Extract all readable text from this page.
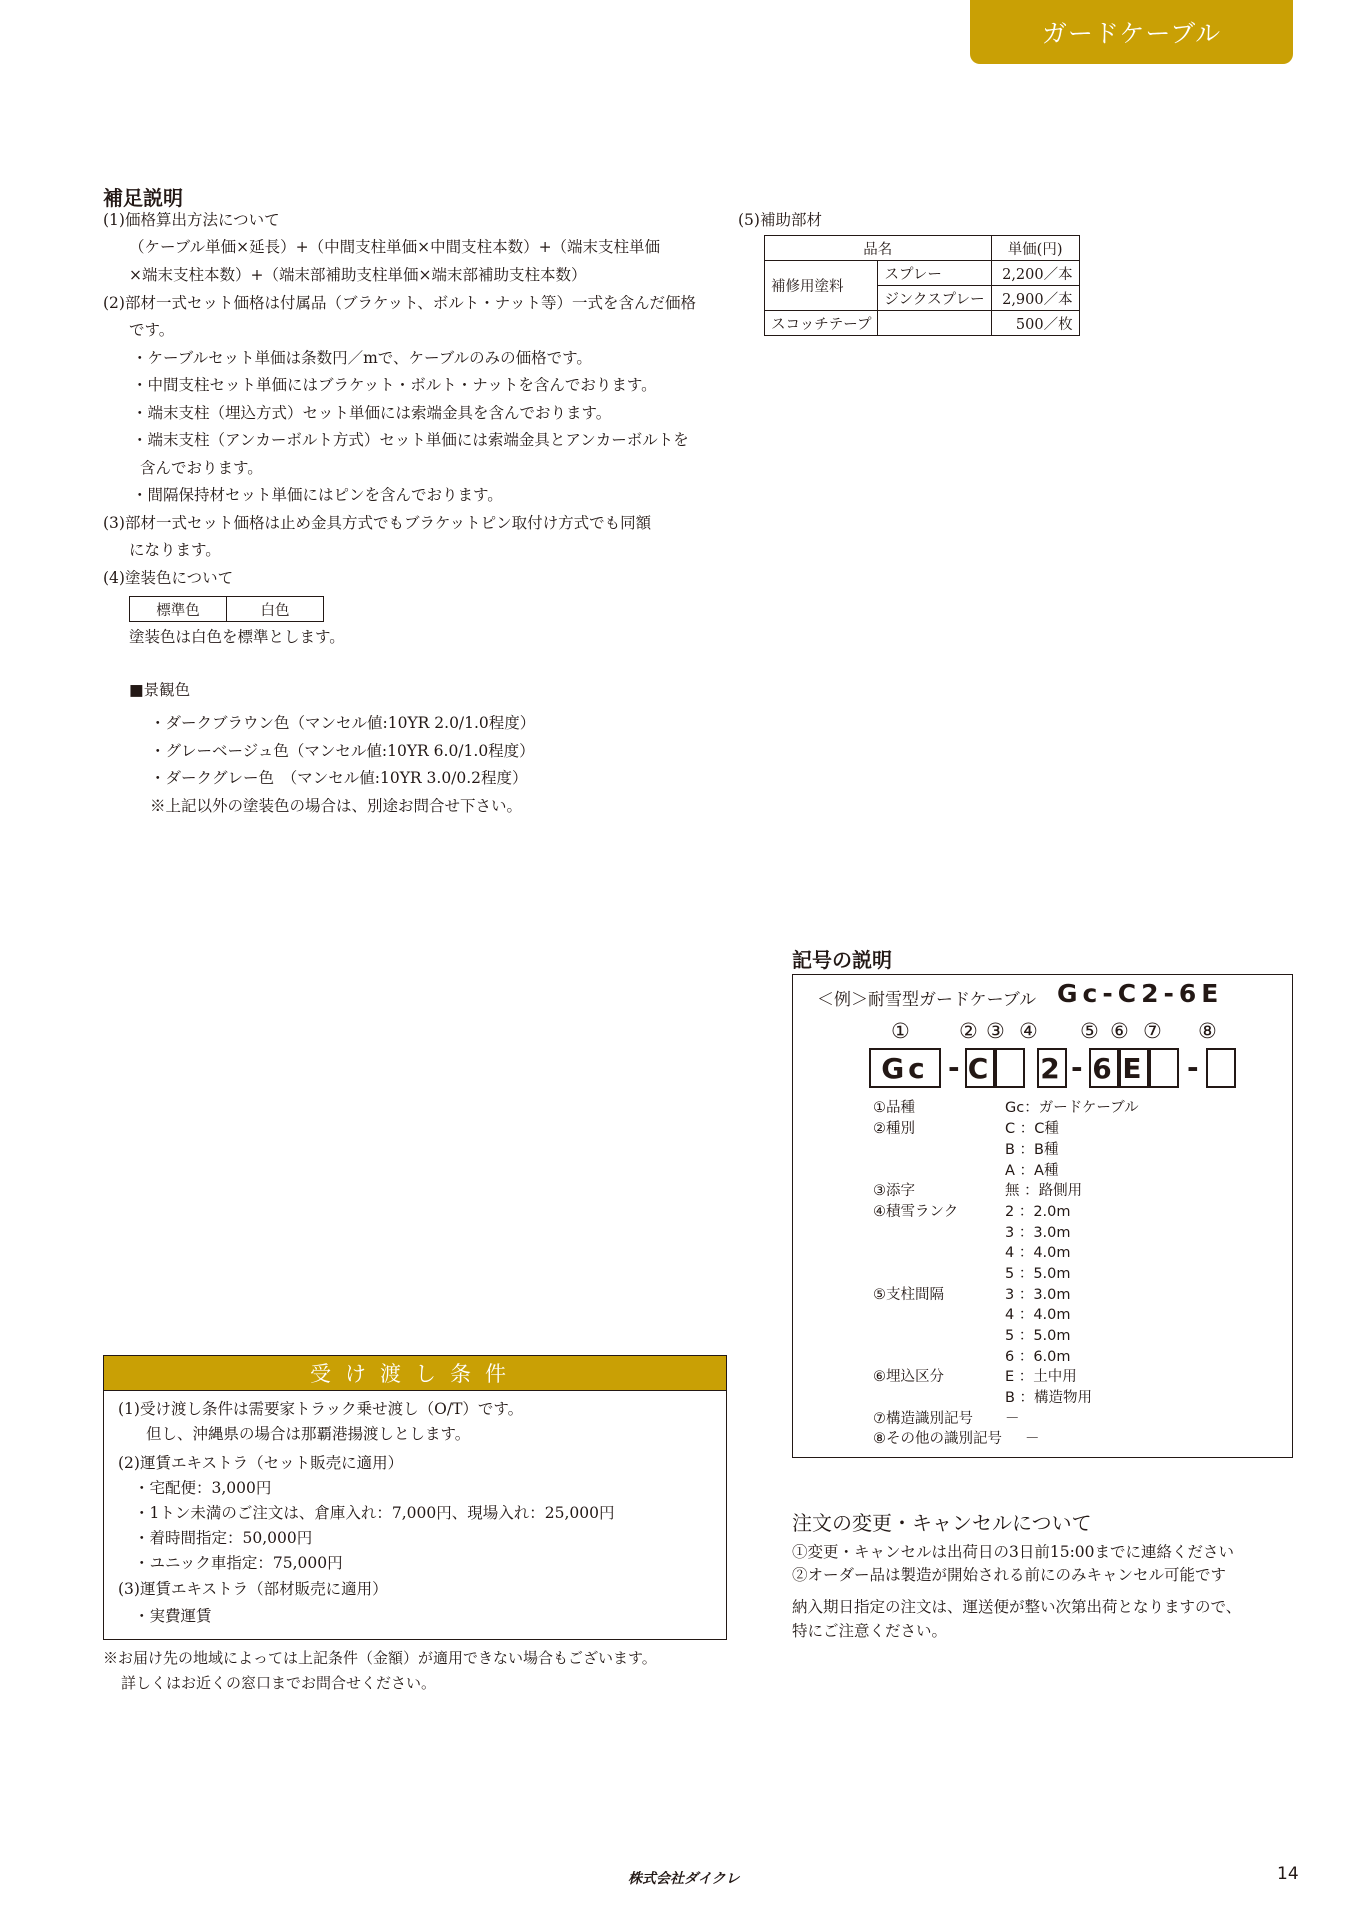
ガードケーブル
補足説明
(1)価格算出方法について
（ケーブル単価×延長）+（中間支柱単価×中間支柱本数）+（端末支柱単価
×端末支柱本数）+（端末部補助支柱単価×端末部補助支柱本数）
(2)部材一式セット価格は付属品（ブラケット、ボルト・ナット等）一式を含んだ価格
です。
・ケーブルセット単価は条数円／mで、ケーブルのみの価格です。
・中間支柱セット単価にはブラケット・ボルト・ナットを含んでおります。
・端末支柱（埋込方式）セット単価には索端金具を含んでおります。
・端末支柱（アンカーボルト方式）セット単価には索端金具とアンカーボルトを
含んでおります。
・間隔保持材セット単価にはピンを含んでおります。
(3)部材一式セット価格は止め金具方式でもブラケットピン取付け方式でも同額
になります。
(4)塗装色について
標準色	白色
塗装色は白色を標準とします。
■景観色
・ダークブラウン色（マンセル値:10YR 2.0/1.0程度）
・グレーベージュ色（マンセル値:10YR 6.0/1.0程度）
・ダークグレー色　（マンセル値:10YR 3.0/0.2程度）
※上記以外の塗装色の場合は、別途お問合せ下さい。
(5)補助部材
品名		単価(円)
補修用塗料	スプレー	2,200／本
	ジンクスプレー	2,900／本
スコッチテープ		500／枚
記号の説明
＜例＞耐雪型ガードケーブル Gc-C2-6E
① ② ③ ④ ⑤ ⑥ ⑦ ⑧
Gc - C 2 - 6 E -
①品種	Gc：ガードケーブル
②種別	C ：C種
B ：B種
A ：A種
③添字	無 ：路側用
④積雪ランク	2 ：2.0m
3 ：3.0m
4 ：4.0m
5 ：5.0m
⑤支柱間隔	3 ：3.0m
4 ：4.0m
5 ：5.0m
6 ：6.0m
⑥埋込区分	E ：土中用
B ：構造物用
⑦構造識別記号 －
⑧その他の識別記号 －
受け渡し条件
(1)受け渡し条件は需要家トラック乗せ渡し（O/T）です。
但し、沖縄県の場合は那覇港揚渡しとします。
(2)運賃エキストラ（セット販売に適用）
・宅配便：3,000円
・1トン未満のご注文は、倉庫入れ：7,000円、現場入れ：25,000円
・着時間指定：50,000円
・ユニック車指定：75,000円
(3)運賃エキストラ（部材販売に適用）
・実費運賃
※お届け先の地域によっては上記条件（金額）が適用できない場合もございます。
詳しくはお近くの窓口までお問合せください。
注文の変更・キャンセルについて
①変更・キャンセルは出荷日の3日前15:00までに連絡ください
②オーダー品は製造が開始される前にのみキャンセル可能です
納入期日指定の注文は、運送便が整い次第出荷となりますので、
特にご注意ください。
株式会社ダイクレ	14
